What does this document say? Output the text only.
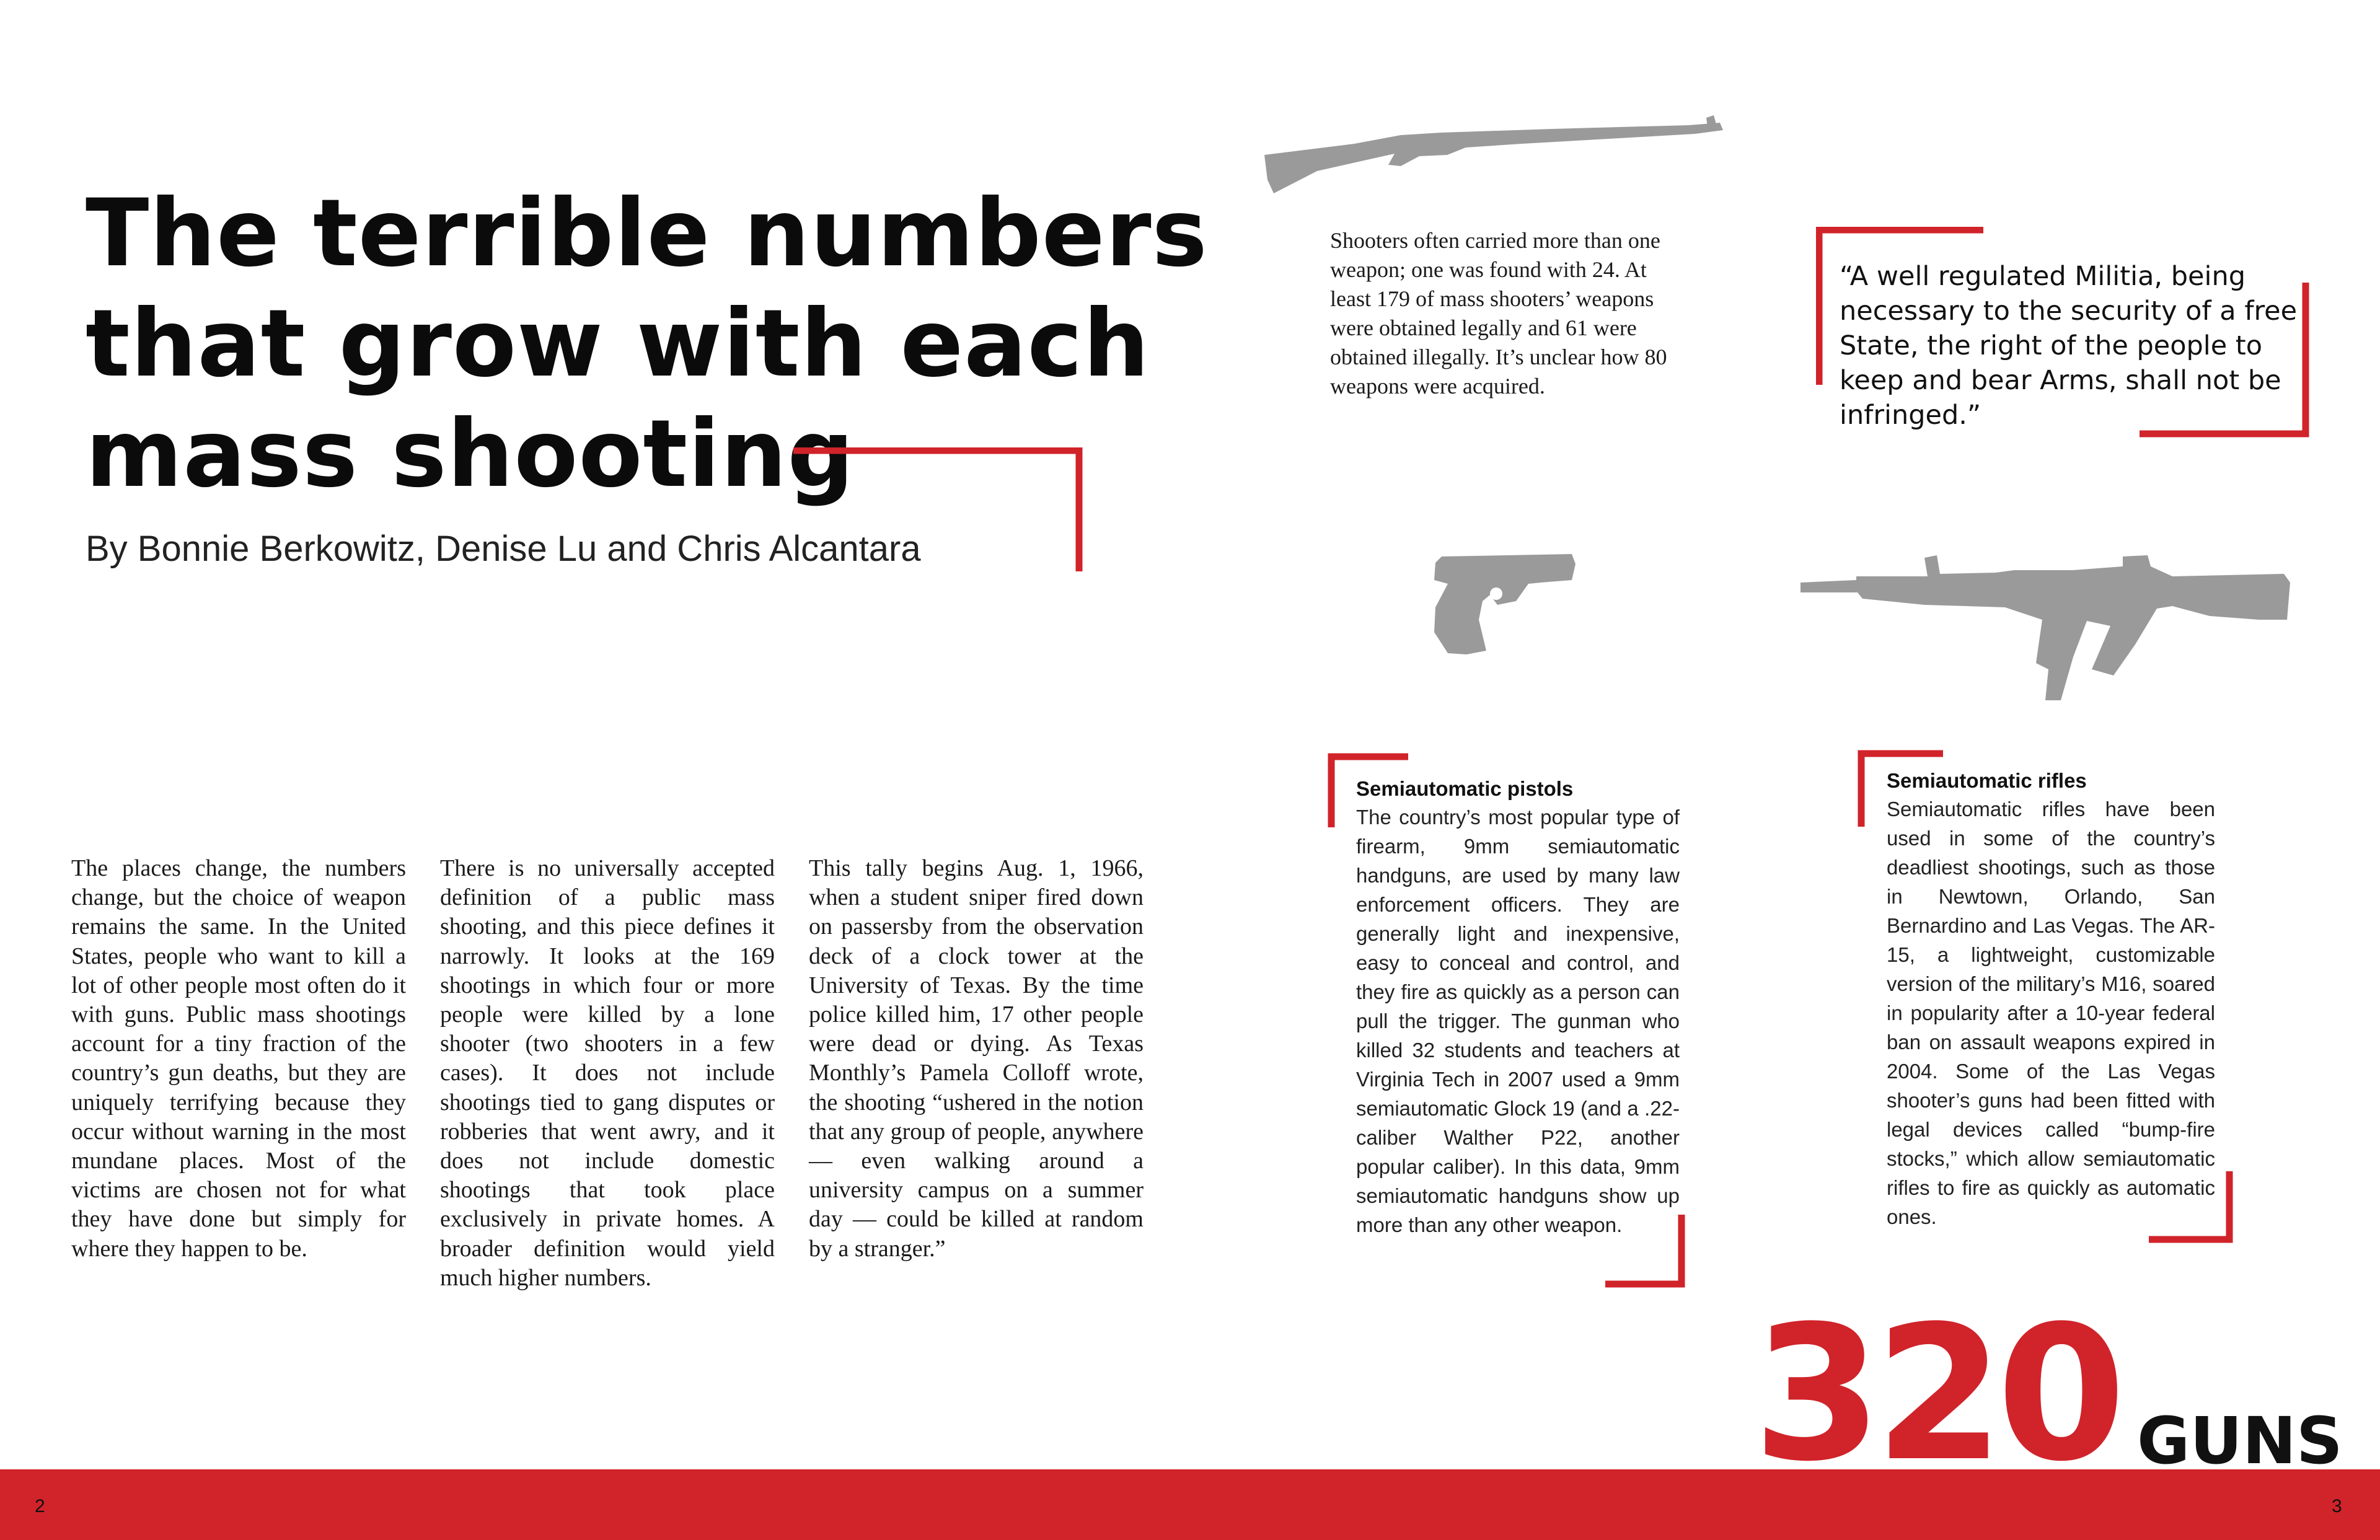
The terrible numbers
that grow with each
mass shooting
By Bonnie Berkowitz, Denise Lu and Chris Alcantara

The places change, the numbers change, but the choice of weapon remains the same. In the United States, people who want to kill a lot of other people most often do it with guns. Public mass shootings account for a tiny fraction of the country’s gun deaths, but they are uniquely terrifying because they occur without warning in the most mundane places. Most of the victims are chosen not for what they have done but simply for where they happen to be.

There is no universally accepted definition of a public mass shooting, and this piece defines it narrowly. It looks at the 169 shootings in which four or more people were killed by a lone shooter (two shooters in a few cases). It does not include shootings tied to gang disputes or robberies that went awry, and it does not include domestic shootings that took place exclusively in private homes. A broader definition would yield much higher numbers.

This tally begins Aug. 1, 1966, when a student sniper fired down on passersby from the observation deck of a clock tower at the University of Texas. By the time police killed him, 17 other people were dead or dying. As Texas Monthly’s Pamela Colloff wrote, the shooting “ushered in the notion that any group of people, anywhere — even walking around a university campus on a summer day — could be killed at random by a stranger.”

Shooters often carried more than one weapon; one was found with 24. At least 179 of mass shooters’ weapons were obtained legally and 61 were obtained illegally. It’s unclear how 80 weapons were acquired.
“A well regulated Militia, being necessary to the security of a free State, the right of the people to keep and bear Arms, shall not be infringed.”
Semiautomatic pistols
The country’s most popular type of firearm, 9mm semiautomatic handguns, are used by many law enforcement officers. They are generally light and inexpensive, easy to conceal and control, and they fire as quickly as a person can pull the trigger. The gunman who killed 32 students and teachers at Virginia Tech in 2007 used a 9mm semiautomatic Glock 19 (and a .22-caliber Walther P22, another popular caliber). In this data, 9mm semiautomatic handguns show up more than any other weapon.
Semiautomatic rifles
Semiautomatic rifles have been used in some of the country’s deadliest shootings, such as those in Newtown, Orlando, San Bernardino and Las Vegas. The AR-15, a lightweight, customizable version of the military’s M16, soared in popularity after a 10-year federal ban on assault weapons expired in 2004. Some of the Las Vegas shooter’s guns had been fitted with legal devices called “bump-fire stocks,” which allow semiautomatic rifles to fire as quickly as automatic ones.
320 GUNS
2	3
